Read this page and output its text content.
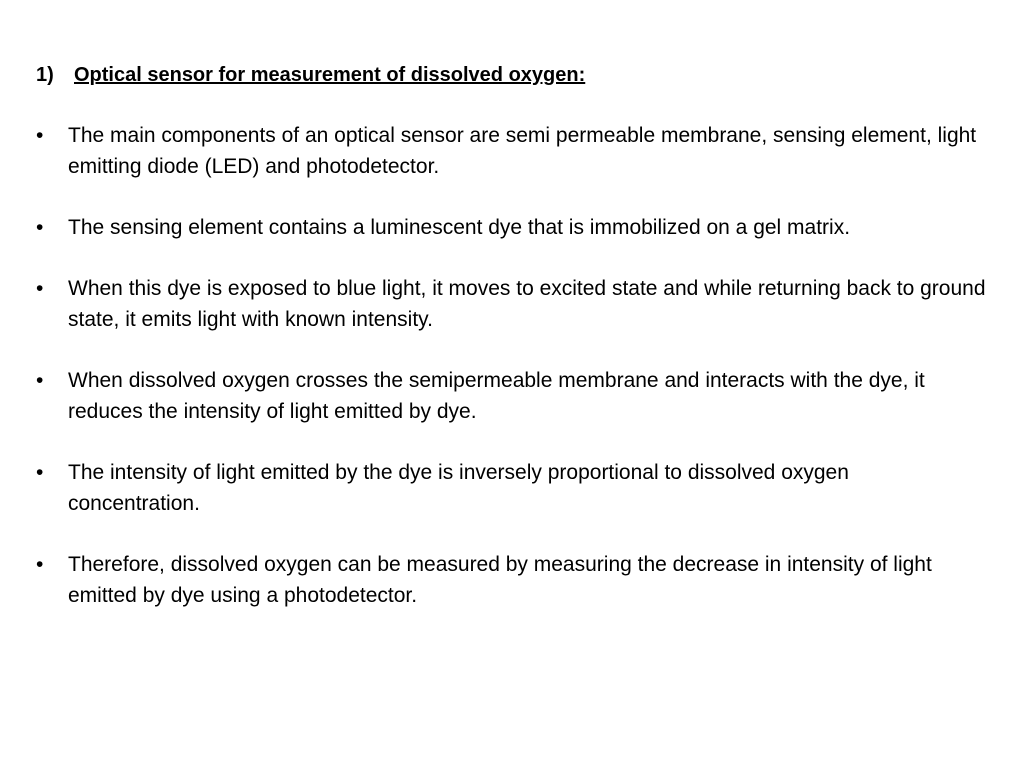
1) Optical sensor for measurement of dissolved oxygen:
• The main components of an optical sensor are semi permeable membrane, sensing element, light emitting diode (LED) and photodetector.
• The sensing element contains a luminescent dye that is immobilized on a gel matrix.
• When this dye is exposed to blue light, it moves to excited state and while returning back to ground state, it emits light with known intensity.
• When dissolved oxygen crosses the semipermeable membrane and interacts with the dye, it reduces the intensity of light emitted by dye.
• The intensity of light emitted by the dye is inversely proportional to dissolved oxygen concentration.
• Therefore, dissolved oxygen can be measured by measuring the decrease in intensity of light emitted by dye using a photodetector.
